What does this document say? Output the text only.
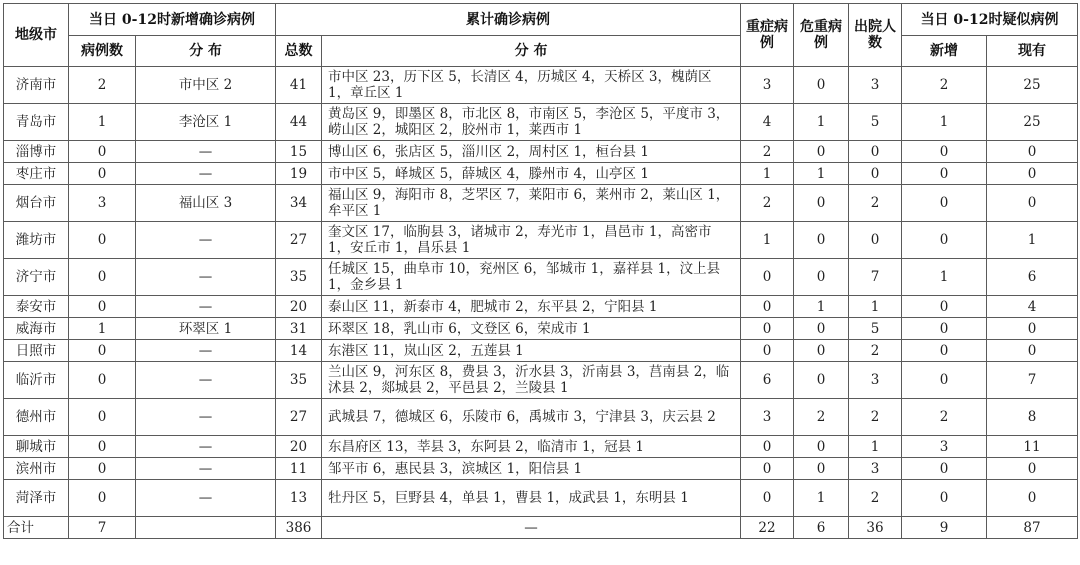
地级市	当日 0-12时新增确诊病例		累计确诊病例		重症病例	危重病例	出院人数	当日 0-12时疑似病例	
	病例数	分 布	总数	分 布				新增	现有
济南市	2	市中区 2	41	市中区 23，历下区 5，长清区 4，历城区 4，天桥区 3，槐荫区 1，章丘区 1	3	0	3	2	25
青岛市	1	李沧区 1	44	黄岛区 9，即墨区 8，市北区 8，市南区 5，李沧区 5，平度市 3，崂山区 2，城阳区 2，胶州市 1，莱西市 1	4	1	5	1	25
淄博市	0	—	15	博山区 6，张店区 5，淄川区 2，周村区 1，桓台县 1	2	0	0	0	0
枣庄市	0	—	19	市中区 5，峄城区 5，薛城区 4，滕州市 4，山亭区 1	1	1	0	0	0
烟台市	3	福山区 3	34	福山区 9，海阳市 8，芝罘区 7，莱阳市 6，莱州市 2，莱山区 1，牟平区 1	2	0	2	0	0
潍坊市	0	—	27	奎文区 17，临朐县 3，诸城市 2，寿光市 1，昌邑市 1，高密市 1，安丘市 1，昌乐县 1	1	0	0	0	1
济宁市	0	—	35	任城区 15，曲阜市 10，兖州区 6，邹城市 1，嘉祥县 1，汶上县 1，金乡县 1	0	0	7	1	6
泰安市	0	—	20	泰山区 11，新泰市 4，肥城市 2，东平县 2，宁阳县 1	0	1	1	0	4
威海市	1	环翠区 1	31	环翠区 18，乳山市 6，文登区 6，荣成市 1	0	0	5	0	0
日照市	0	—	14	东港区 11，岚山区 2，五莲县 1	0	0	2	0	0
临沂市	0	—	35	兰山区 9，河东区 8，费县 3，沂水县 3，沂南县 3，莒南县 2，临沭县 2，郯城县 2，平邑县 2，兰陵县 1	6	0	3	0	7
德州市	0	—	27	武城县 7，德城区 6，乐陵市 6，禹城市 3，宁津县 3，庆云县 2	3	2	2	2	8
聊城市	0	—	20	东昌府区 13，莘县 3，东阿县 2，临清市 1，冠县 1	0	0	1	3	11
滨州市	0	—	11	邹平市 6，惠民县 3，滨城区 1，阳信县 1	0	0	3	0	0
菏泽市	0	—	13	牡丹区 5，巨野县 4，单县 1，曹县 1，成武县 1，东明县 1	0	1	2	0	0
合计	7		386	—	22	6	36	9	87
